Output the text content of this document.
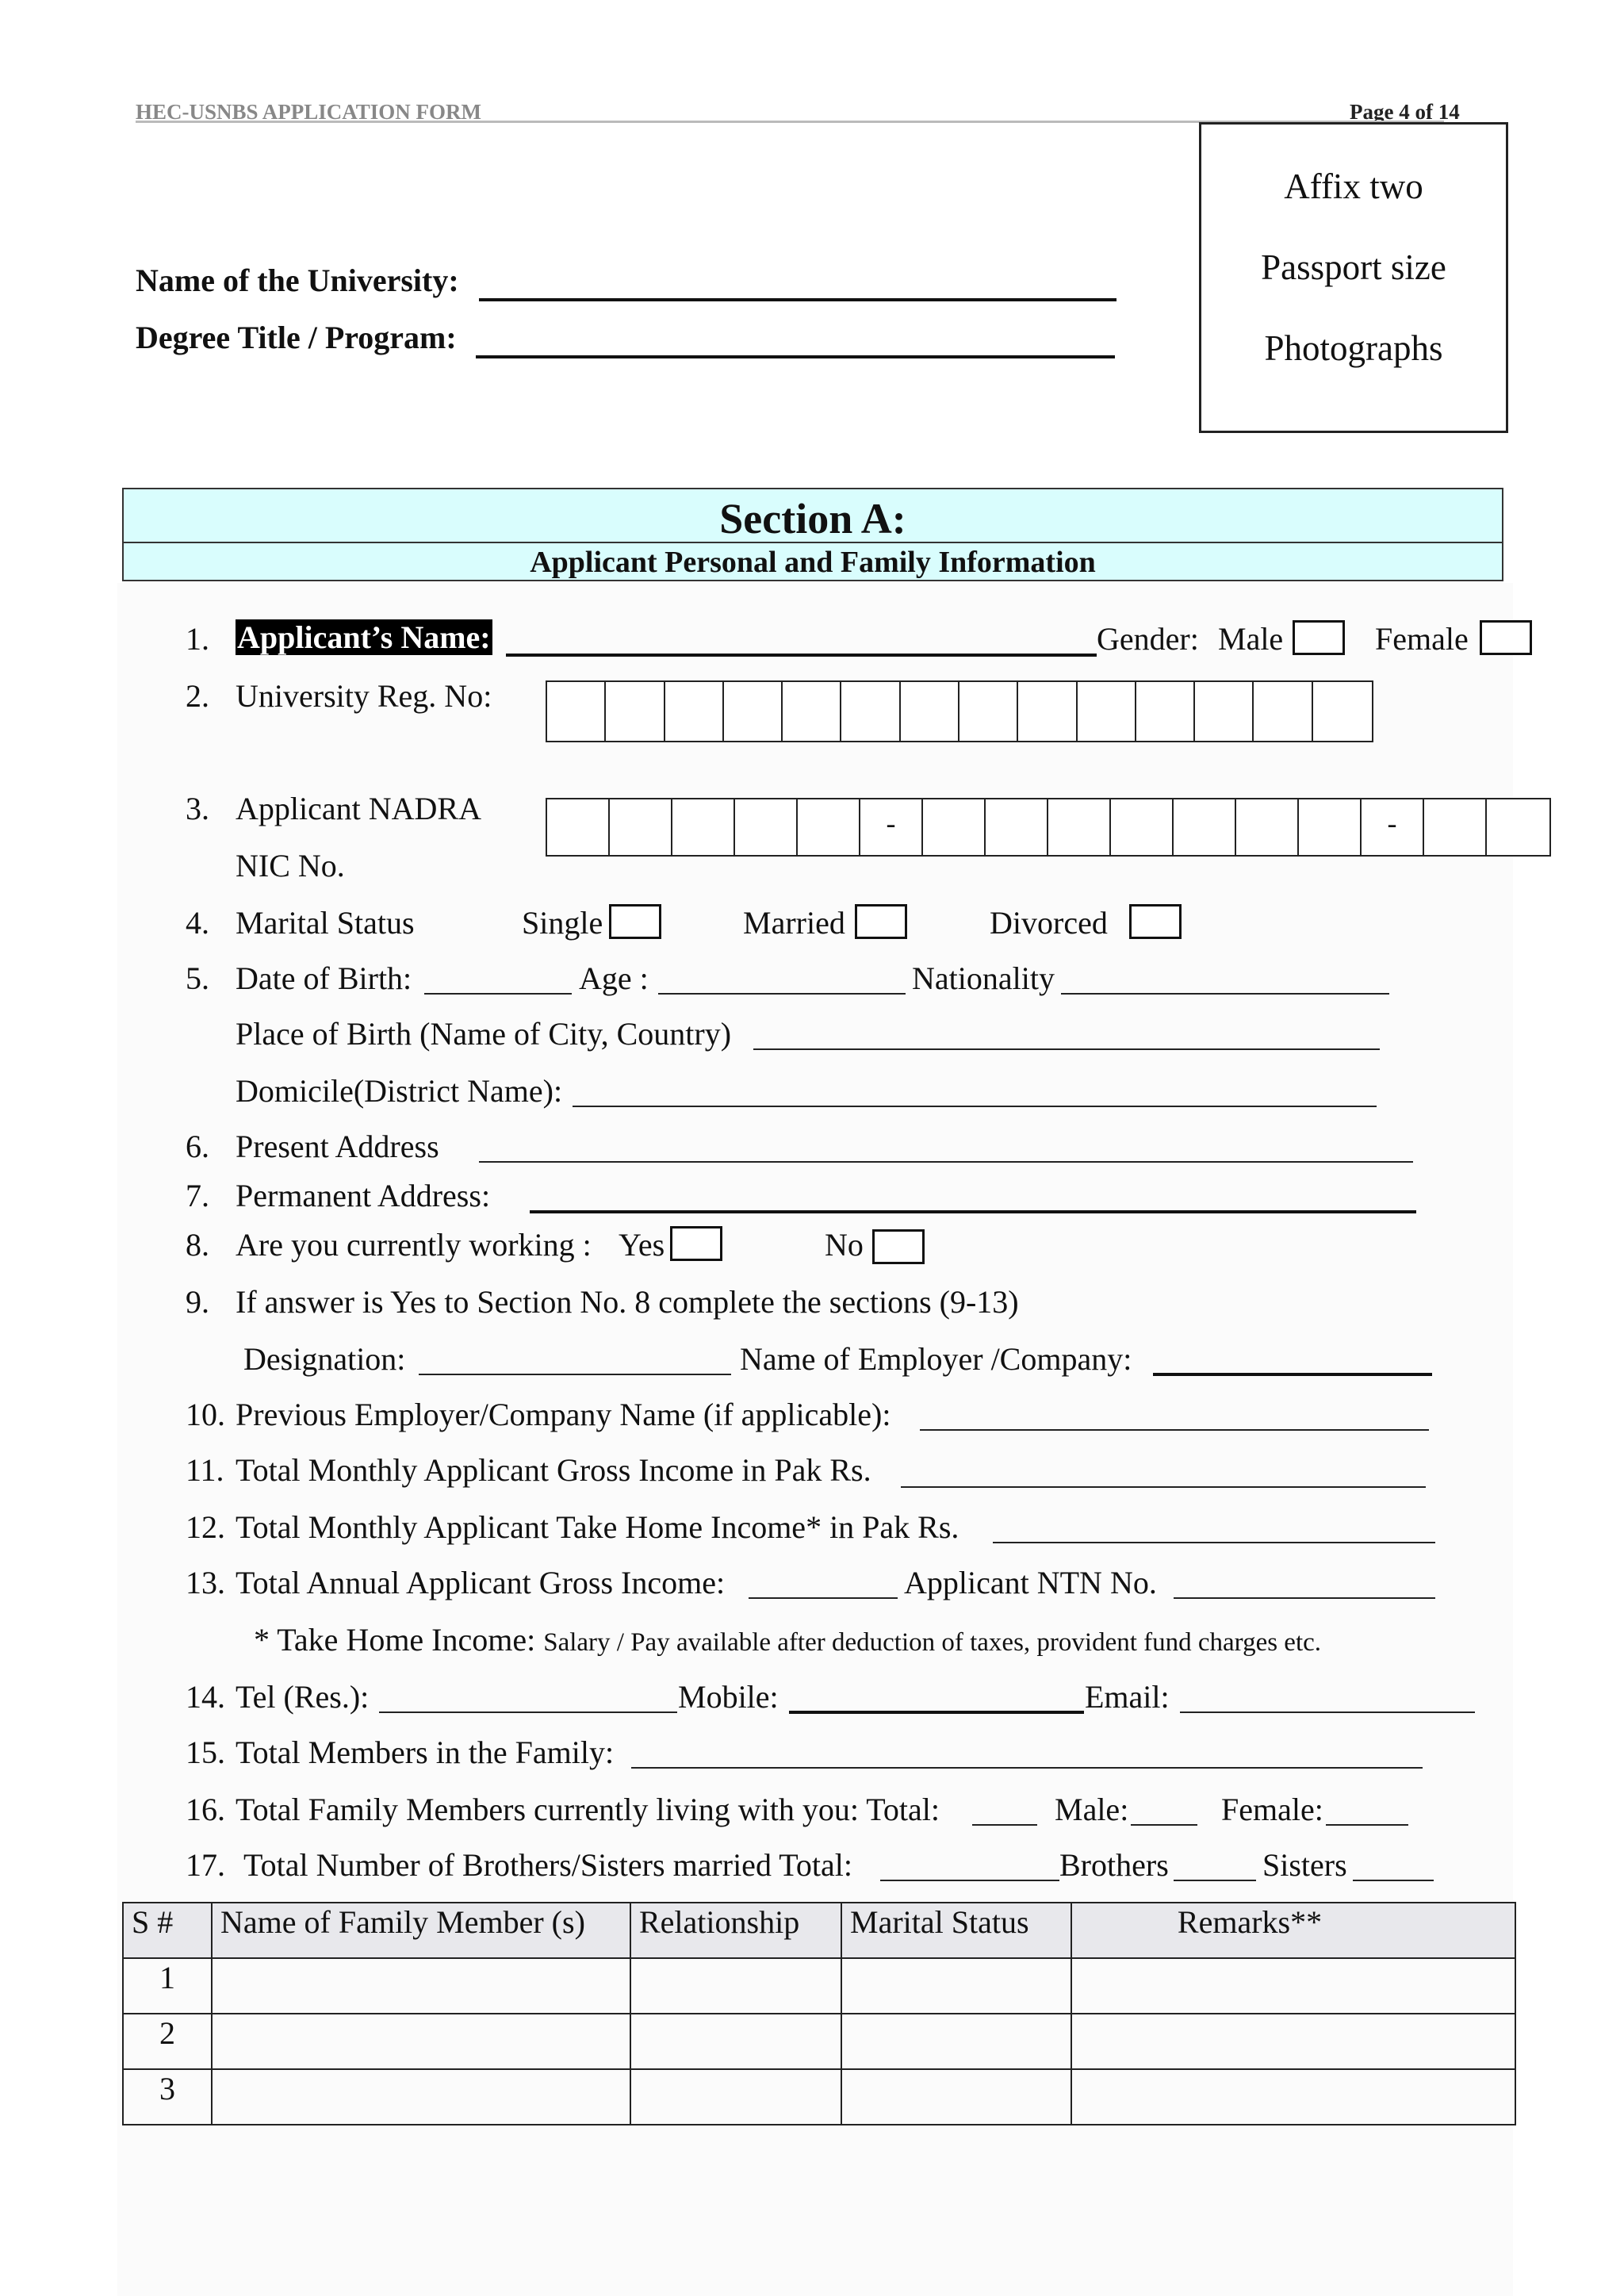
HEC-USNBS APPLICATION FORM	Page 4 of 14
Affix two
Passport size
Photographs
Name of the University:
Degree Title / Program:
Section A:
Applicant Personal and Family Information
1. Applicant’s Name:	Gender: Male	Female
2. University Reg. No:
3. Applicant NADRA
NIC No.
-	-
4. Marital Status	Single	Married	Divorced
5. Date of Birth:	Age :	Nationality
Place of Birth (Name of City, Country)
Domicile(District Name):
6. Present Address
7. Permanent Address:
8. Are you currently working : Yes	No
9. If answer is Yes to Section No. 8 complete the sections (9-13)
Designation:	Name of Employer /Company:
10. Previous Employer/Company Name (if applicable):
11. Total Monthly Applicant Gross Income in Pak Rs.
12. Total Monthly Applicant Take Home Income* in Pak Rs.
13. Total Annual Applicant Gross Income:	Applicant NTN No.
* Take Home Income: Salary / Pay available after deduction of taxes, provident fund charges etc.
14. Tel (Res.):	Mobile:	Email:
15. Total Members in the Family:
16. Total Family Members currently living with you: Total:	Male:	Female:
17. Total Number of Brothers/Sisters married Total:	Brothers	Sisters
S #	Name of Family Member (s)	Relationship	Marital Status	Remarks**
1				
2				
3				
